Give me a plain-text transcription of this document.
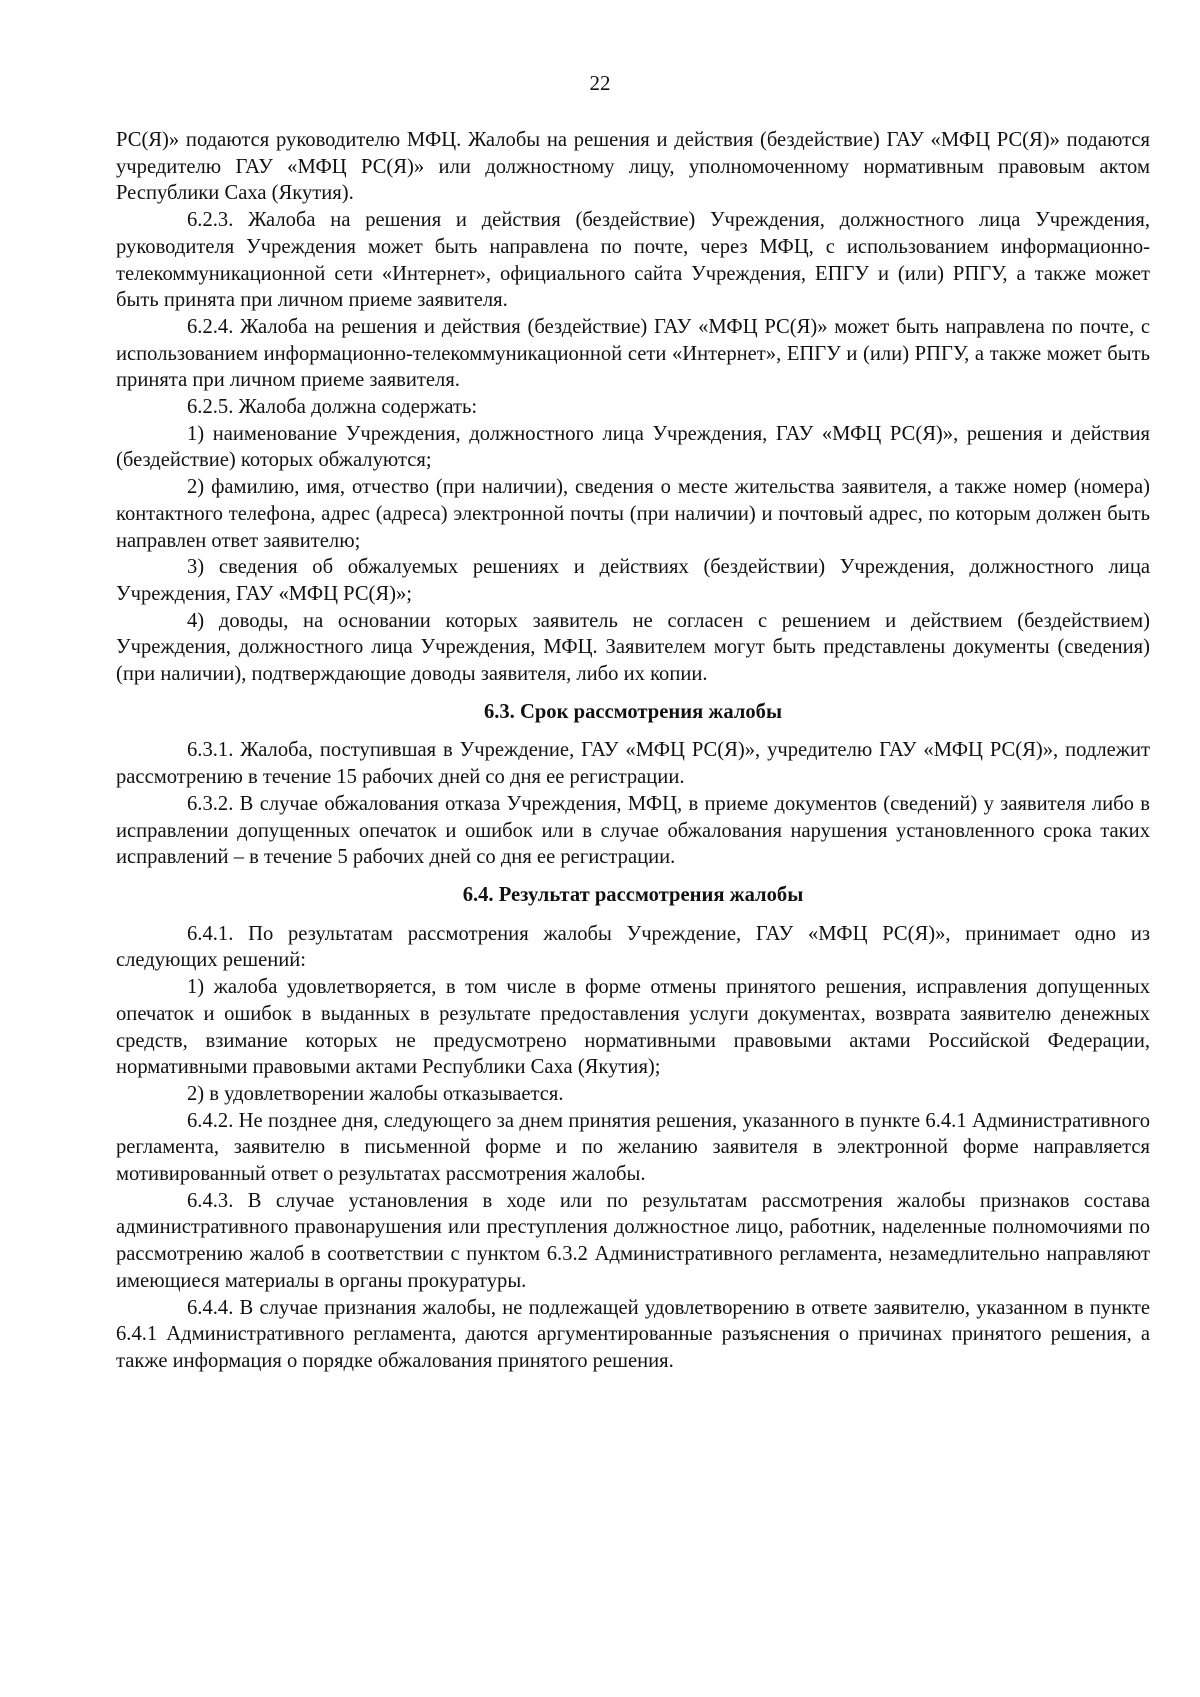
22

РС(Я)» подаются руководителю МФЦ. Жалобы на решения и действия (бездействие) ГАУ «МФЦ РС(Я)» подаются учредителю ГАУ «МФЦ РС(Я)» или должностному лицу, уполномоченному нормативным правовым актом Республики Саха (Якутия).

6.2.3. Жалоба на решения и действия (бездействие) Учреждения, должностного лица Учреждения, руководителя Учреждения может быть направлена по почте, через МФЦ, с использованием информационно-телекоммуникационной сети «Интернет», официального сайта Учреждения, ЕПГУ и (или) РПГУ, а также может быть принята при личном приеме заявителя.

6.2.4. Жалоба на решения и действия (бездействие) ГАУ «МФЦ РС(Я)» может быть направлена по почте, с использованием информационно-телекоммуникационной сети «Интернет», ЕПГУ и (или) РПГУ, а также может быть принята при личном приеме заявителя.

6.2.5. Жалоба должна содержать:

1) наименование Учреждения, должностного лица Учреждения, ГАУ «МФЦ РС(Я)», решения и действия (бездействие) которых обжалуются;

2) фамилию, имя, отчество (при наличии), сведения о месте жительства заявителя, а также номер (номера) контактного телефона, адрес (адреса) электронной почты (при наличии) и почтовый адрес, по которым должен быть направлен ответ заявителю;

3) сведения об обжалуемых решениях и действиях (бездействии) Учреждения, должностного лица Учреждения, ГАУ «МФЦ РС(Я)»;

4) доводы, на основании которых заявитель не согласен с решением и действием (бездействием) Учреждения, должностного лица Учреждения, МФЦ. Заявителем могут быть представлены документы (сведения) (при наличии), подтверждающие доводы заявителя, либо их копии.

6.3. Срок рассмотрения жалобы

6.3.1. Жалоба, поступившая в Учреждение, ГАУ «МФЦ РС(Я)», учредителю ГАУ «МФЦ РС(Я)», подлежит рассмотрению в течение 15 рабочих дней со дня ее регистрации.

6.3.2. В случае обжалования отказа Учреждения, МФЦ, в приеме документов (сведений) у заявителя либо в исправлении допущенных опечаток и ошибок или в случае обжалования нарушения установленного срока таких исправлений – в течение 5 рабочих дней со дня ее регистрации.

6.4. Результат рассмотрения жалобы

6.4.1. По результатам рассмотрения жалобы Учреждение, ГАУ «МФЦ РС(Я)», принимает одно из следующих решений:

1) жалоба удовлетворяется, в том числе в форме отмены принятого решения, исправления допущенных опечаток и ошибок в выданных в результате предоставления услуги документах, возврата заявителю денежных средств, взимание которых не предусмотрено нормативными правовыми актами Российской Федерации, нормативными правовыми актами Республики Саха (Якутия);

2) в удовлетворении жалобы отказывается.

6.4.2. Не позднее дня, следующего за днем принятия решения, указанного в пункте 6.4.1 Административного регламента, заявителю в письменной форме и по желанию заявителя в электронной форме направляется мотивированный ответ о результатах рассмотрения жалобы.

6.4.3. В случае установления в ходе или по результатам рассмотрения жалобы признаков состава административного правонарушения или преступления должностное лицо, работник, наделенные полномочиями по рассмотрению жалоб в соответствии с пунктом 6.3.2 Административного регламента, незамедлительно направляют имеющиеся материалы в органы прокуратуры.

6.4.4. В случае признания жалобы, не подлежащей удовлетворению в ответе заявителю, указанном в пункте 6.4.1 Административного регламента, даются аргументированные разъяснения о причинах принятого решения, а также информация о порядке обжалования принятого решения.
